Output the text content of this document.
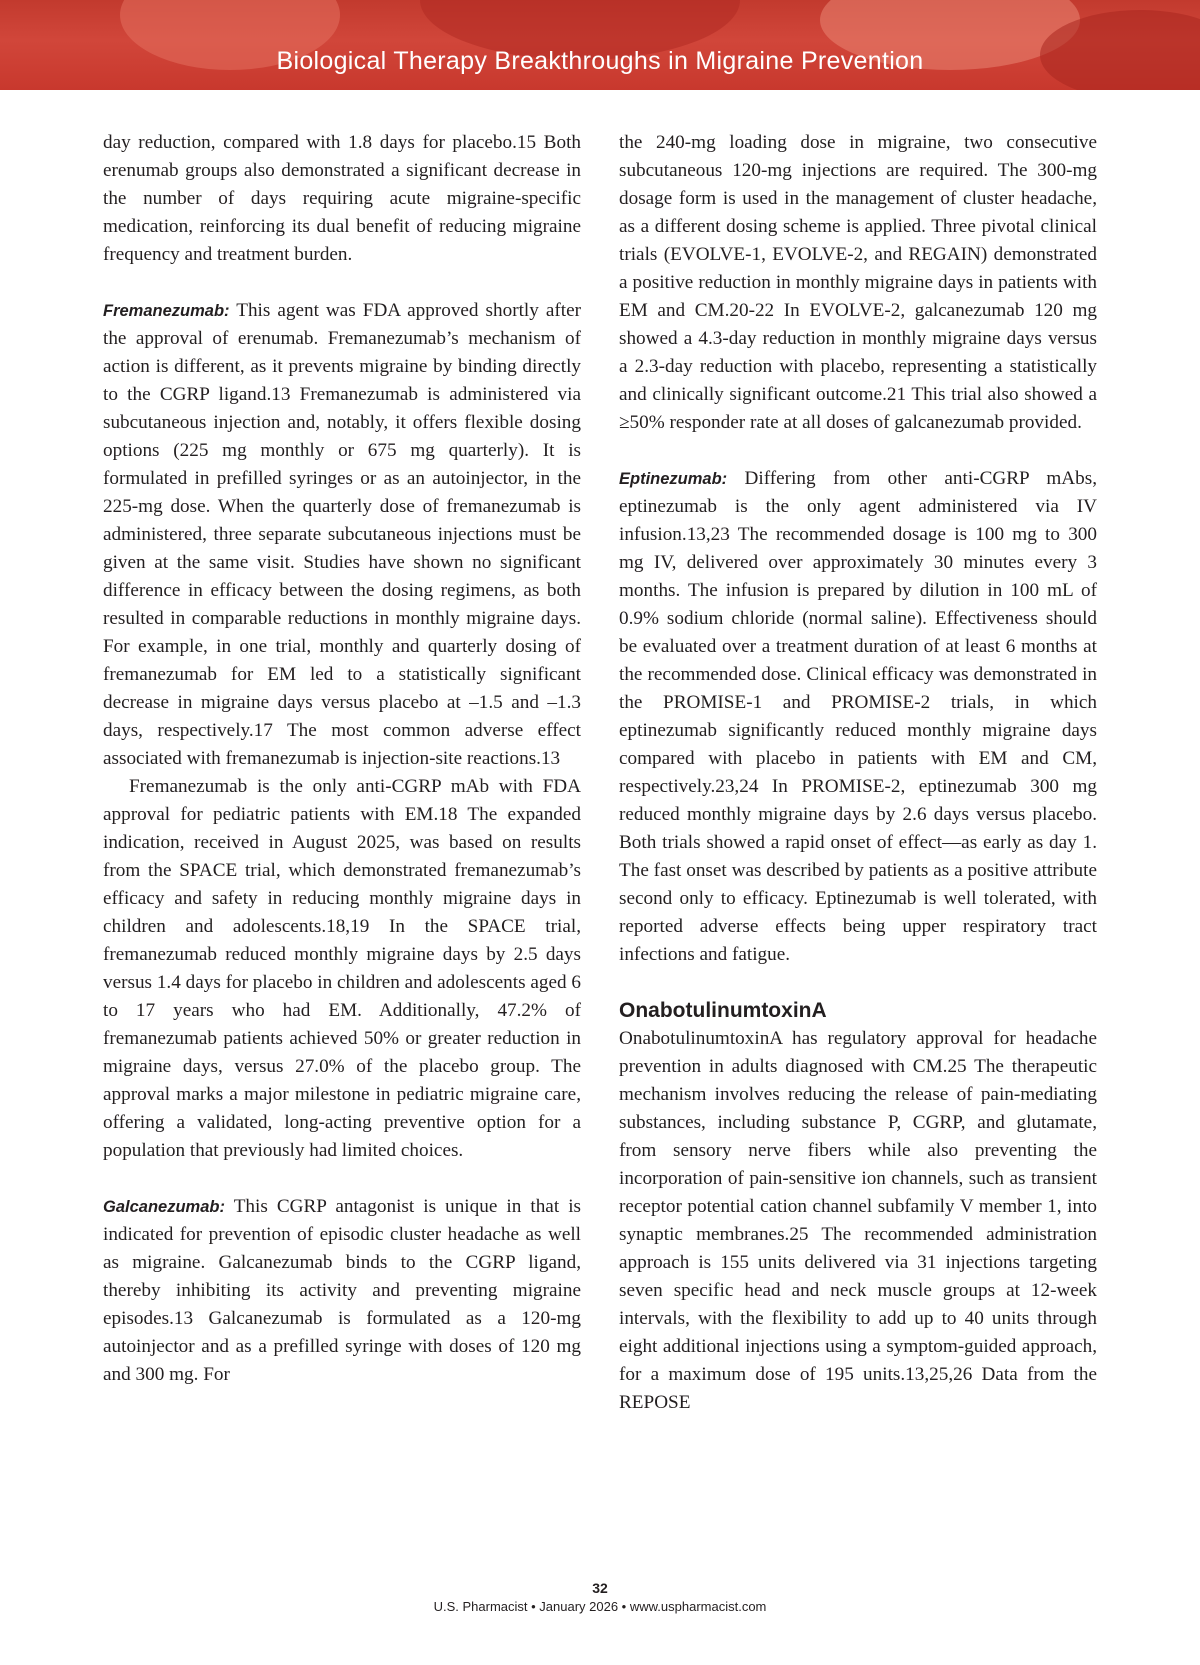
Biological Therapy Breakthroughs in Migraine Prevention

day reduction, compared with 1.8 days for placebo.15 Both erenumab groups also demonstrated a significant decrease in the number of days requiring acute migraine-specific medication, reinforcing its dual benefit of reducing migraine frequency and treatment burden.

Fremanezumab: This agent was FDA approved shortly after the approval of erenumab. Fremanezumab’s mechanism of action is different, as it prevents migraine by binding directly to the CGRP ligand.13 Fremanezumab is administered via subcutaneous injection and, notably, it offers flexible dosing options (225 mg monthly or 675 mg quarterly). It is formulated in prefilled syringes or as an autoinjector, in the 225-mg dose. When the quarterly dose of fremanezumab is administered, three separate subcutaneous injections must be given at the same visit. Studies have shown no significant difference in efficacy between the dosing regimens, as both resulted in comparable reductions in monthly migraine days. For example, in one trial, monthly and quarterly dosing of fremanezumab for EM led to a statistically significant decrease in migraine days versus placebo at –1.5 and –1.3 days, respectively.17 The most common adverse effect associated with fremanezumab is injection-site reactions.13

Fremanezumab is the only anti-CGRP mAb with FDA approval for pediatric patients with EM.18 The expanded indication, received in August 2025, was based on results from the SPACE trial, which demonstrated fremanezumab’s efficacy and safety in reducing monthly migraine days in children and adolescents.18,19 In the SPACE trial, fremanezumab reduced monthly migraine days by 2.5 days versus 1.4 days for placebo in children and adolescents aged 6 to 17 years who had EM. Additionally, 47.2% of fremanezumab patients achieved 50% or greater reduction in migraine days, versus 27.0% of the placebo group. The approval marks a major milestone in pediatric migraine care, offering a validated, long-acting preventive option for a population that previously had limited choices.

Galcanezumab: This CGRP antagonist is unique in that is indicated for prevention of episodic cluster headache as well as migraine. Galcanezumab binds to the CGRP ligand, thereby inhibiting its activity and preventing migraine episodes.13 Galcanezumab is formulated as a 120-mg autoinjector and as a prefilled syringe with doses of 120 mg and 300 mg. For

the 240-mg loading dose in migraine, two consecutive subcutaneous 120-mg injections are required. The 300-mg dosage form is used in the management of cluster headache, as a different dosing scheme is applied. Three pivotal clinical trials (EVOLVE-1, EVOLVE-2, and REGAIN) demonstrated a positive reduction in monthly migraine days in patients with EM and CM.20-22 In EVOLVE-2, galcanezumab 120 mg showed a 4.3-day reduction in monthly migraine days versus a 2.3-day reduction with placebo, representing a statistically and clinically significant outcome.21 This trial also showed a ≥50% responder rate at all doses of galcanezumab provided.

Eptinezumab: Differing from other anti-CGRP mAbs, eptinezumab is the only agent administered via IV infusion.13,23 The recommended dosage is 100 mg to 300 mg IV, delivered over approximately 30 minutes every 3 months. The infusion is prepared by dilution in 100 mL of 0.9% sodium chloride (normal saline). Effectiveness should be evaluated over a treatment duration of at least 6 months at the recommended dose. Clinical efficacy was demonstrated in the PROMISE-1 and PROMISE-2 trials, in which eptinezumab significantly reduced monthly migraine days compared with placebo in patients with EM and CM, respectively.23,24 In PROMISE-2, eptinezumab 300 mg reduced monthly migraine days by 2.6 days versus placebo. Both trials showed a rapid onset of effect—as early as day 1. The fast onset was described by patients as a positive attribute second only to efficacy. Eptinezumab is well tolerated, with reported adverse effects being upper respiratory tract infections and fatigue.

OnabotulinumtoxinA

OnabotulinumtoxinA has regulatory approval for headache prevention in adults diagnosed with CM.25 The therapeutic mechanism involves reducing the release of pain-mediating substances, including substance P, CGRP, and glutamate, from sensory nerve fibers while also preventing the incorporation of pain-sensitive ion channels, such as transient receptor potential cation channel subfamily V member 1, into synaptic membranes.25 The recommended administration approach is 155 units delivered via 31 injections targeting seven specific head and neck muscle groups at 12-week intervals, with the flexibility to add up to 40 units through eight additional injections using a symptom-guided approach, for a maximum dose of 195 units.13,25,26 Data from the REPOSE

32
U.S. Pharmacist • January 2026 • www.uspharmacist.com
